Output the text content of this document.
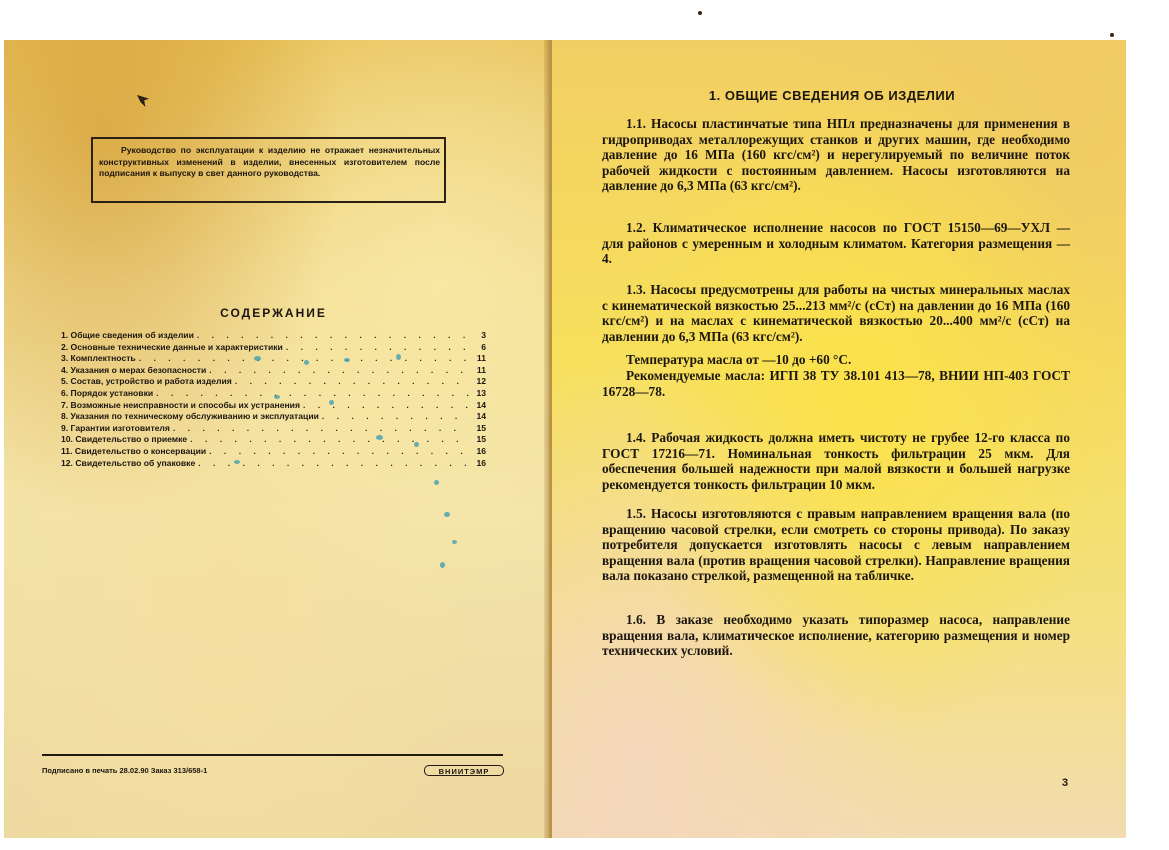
Руководство по эксплуатации к изделию не отражает незначительных конструктивных изменений в изделии, внесенных изготовителем после подписания к выпуску в свет данного руководства.
СОДЕРЖАНИЕ
1. Общие сведения об изделии . . .	3
2. Основные технические данные и характеристики . . .	6
3. Комплектность . . .	11
4. Указания о мерах безопасности . . .	11
5. Состав, устройство и работа изделия . . .	12
6. Порядок установки . . .	13
7. Возможные неисправности и способы их устранения . . .	14
8. Указания по техническому обслуживанию и эксплуатации . . .	14
9. Гарантии изготовителя . . .	15
10. Свидетельство о приемке . . .	15
11. Свидетельство о консервации . . .	16
12. Свидетельство об упаковке . . .	16
Подписано в печать 28.02.90 Заказ 313/658-1	ВНИИТЭМР
1. ОБЩИЕ СВЕДЕНИЯ ОБ ИЗДЕЛИИ
1.1. Насосы пластинчатые типа НПл предназначены для применения в гидроприводах металлорежущих станков и других машин, где необходимо давление до 16 МПа (160 кгс/см²) и нерегулируемый по величине поток рабочей жидкости с постоянным давлением. Насосы изготовляются на давление до 6,3 МПа (63 кгс/см²).
1.2. Климатическое исполнение насосов по ГОСТ 15150—69—УХЛ — для районов с умеренным и холодным климатом. Категория размещения — 4.
1.3. Насосы предусмотрены для работы на чистых минеральных маслах с кинематической вязкостью 25...213 мм²/с (сСт) на давлении до 16 МПа (160 кгс/см²) и на маслах с кинематической вязкостью 20...400 мм²/с (сСт) на давлении до 6,3 МПа (63 кгс/см²).
Температура масла от —10 до +60 °С.
Рекомендуемые масла: ИГП 38 ТУ 38.101 413—78, ВНИИ НП-403 ГОСТ 16728—78.
1.4. Рабочая жидкость должна иметь чистоту не грубее 12-го класса по ГОСТ 17216—71. Номинальная тонкость фильтрации 25 мкм. Для обеспечения большей надежности при малой вязкости и большей нагрузке рекомендуется тонкость фильтрации 10 мкм.
1.5. Насосы изготовляются с правым направлением вращения вала (по вращению часовой стрелки, если смотреть со стороны привода). По заказу потребителя допускается изготовлять насосы с левым направлением вращения вала (против вращения часовой стрелки). Направление вращения вала показано стрелкой, размещенной на табличке.
1.6. В заказе необходимо указать типоразмер насоса, направление вращения вала, климатическое исполнение, категорию размещения и номер технических условий.
3
